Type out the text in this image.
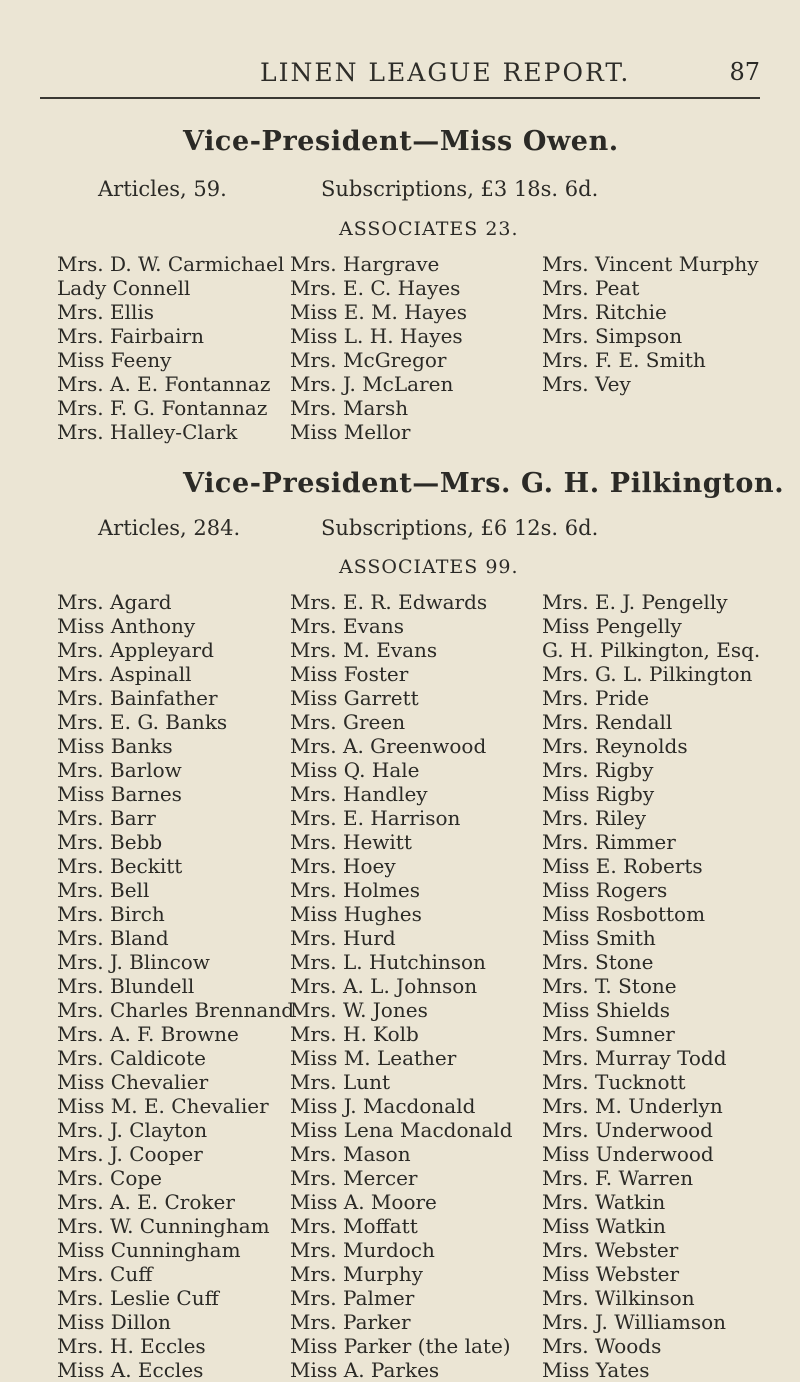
LINEN LEAGUE REPORT.	87
Vice-President—Miss Owen.
Articles, 59.	Subscriptions, £3 18s. 6d.
ASSOCIATES 23.
Mrs. D. W. Carmichael
Lady Connell
Mrs. Ellis
Mrs. Fairbairn
Miss Feeny
Mrs. A. E. Fontannaz
Mrs. F. G. Fontannaz
Mrs. Halley-Clark
Mrs. Hargrave
Mrs. E. C. Hayes
Miss E. M. Hayes
Miss L. H. Hayes
Mrs. McGregor
Mrs. J. McLaren
Mrs. Marsh
Miss Mellor
Mrs. Vincent Murphy
Mrs. Peat
Mrs. Ritchie
Mrs. Simpson
Mrs. F. E. Smith
Mrs. Vey
Vice-President—Mrs. G. H. Pilkington.
Articles, 284.	Subscriptions, £6 12s. 6d.
ASSOCIATES 99.
Mrs. Agard
Miss Anthony
Mrs. Appleyard
Mrs. Aspinall
Mrs. Bainfather
Mrs. E. G. Banks
Miss Banks
Mrs. Barlow
Miss Barnes
Mrs. Barr
Mrs. Bebb
Mrs. Beckitt
Mrs. Bell
Mrs. Birch
Mrs. Bland
Mrs. J. Blincow
Mrs. Blundell
Mrs. Charles Brennand
Mrs. A. F. Browne
Mrs. Caldicote
Miss Chevalier
Miss M. E. Chevalier
Mrs. J. Clayton
Mrs. J. Cooper
Mrs. Cope
Mrs. A. E. Croker
Mrs. W. Cunningham
Miss Cunningham
Mrs. Cuff
Mrs. Leslie Cuff
Miss Dillon
Mrs. H. Eccles
Miss A. Eccles
Mrs. E. R. Edwards
Mrs. Evans
Mrs. M. Evans
Miss Foster
Miss Garrett
Mrs. Green
Mrs. A. Greenwood
Miss Q. Hale
Mrs. Handley
Mrs. E. Harrison
Mrs. Hewitt
Mrs. Hoey
Mrs. Holmes
Miss Hughes
Mrs. Hurd
Mrs. L. Hutchinson
Mrs. A. L. Johnson
Mrs. W. Jones
Mrs. H. Kolb
Miss M. Leather
Mrs. Lunt
Miss J. Macdonald
Miss Lena Macdonald
Mrs. Mason
Mrs. Mercer
Miss A. Moore
Mrs. Moffatt
Mrs. Murdoch
Mrs. Murphy
Mrs. Palmer
Mrs. Parker
Miss Parker (the late)
Miss A. Parkes
Mrs. E. J. Pengelly
Miss Pengelly
G. H. Pilkington, Esq.
Mrs. G. L. Pilkington
Mrs. Pride
Mrs. Rendall
Mrs. Reynolds
Mrs. Rigby
Miss Rigby
Mrs. Riley
Mrs. Rimmer
Miss E. Roberts
Miss Rogers
Miss Rosbottom
Miss Smith
Mrs. Stone
Mrs. T. Stone
Miss Shields
Mrs. Sumner
Mrs. Murray Todd
Mrs. Tucknott
Mrs. M. Underlyn
Mrs. Underwood
Miss Underwood
Mrs. F. Warren
Mrs. Watkin
Miss Watkin
Mrs. Webster
Miss Webster
Mrs. Wilkinson
Mrs. J. Williamson
Mrs. Woods
Miss Yates
